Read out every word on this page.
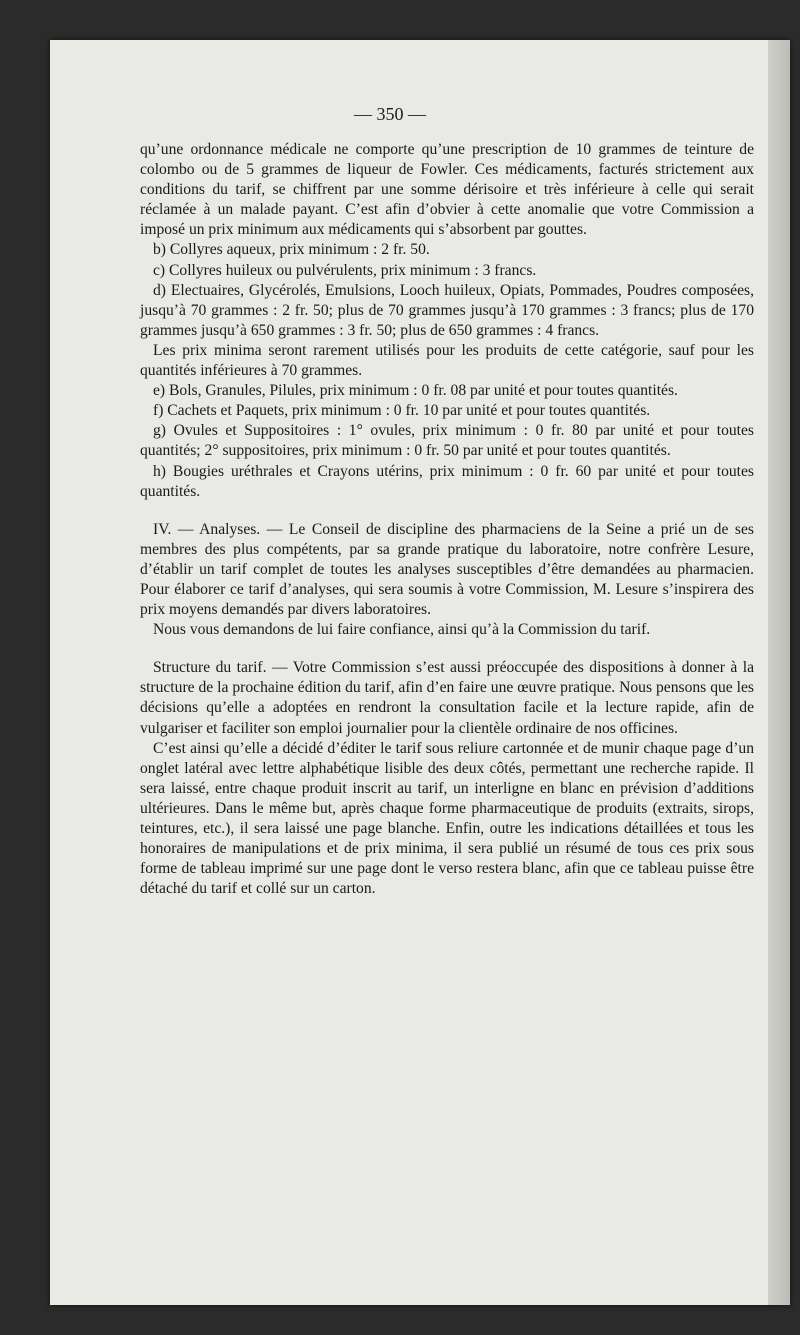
— 350 —

qu’une ordonnance médicale ne comporte qu’une prescription de 10 grammes de teinture de colombo ou de 5 grammes de liqueur de Fowler. Ces médicaments, facturés strictement aux conditions du tarif, se chiffrent par une somme dérisoire et très inférieure à celle qui serait réclamée à un malade payant. C’est afin d’obvier à cette anomalie que votre Commission a imposé un prix minimum aux médicaments qui s’absorbent par gouttes.

b) Collyres aqueux, prix minimum : 2 fr. 50.

c) Collyres huileux ou pulvérulents, prix minimum : 3 francs.

d) Electuaires, Glycérolés, Emulsions, Looch huileux, Opiats, Pommades, Poudres composées, jusqu’à 70 grammes : 2 fr. 50; plus de 70 grammes jusqu’à 170 grammes : 3 francs; plus de 170 grammes jusqu’à 650 grammes : 3 fr. 50; plus de 650 grammes : 4 francs.

Les prix minima seront rarement utilisés pour les produits de cette catégorie, sauf pour les quantités inférieures à 70 grammes.

e) Bols, Granules, Pilules, prix minimum : 0 fr. 08 par unité et pour toutes quantités.

f) Cachets et Paquets, prix minimum : 0 fr. 10 par unité et pour toutes quantités.

g) Ovules et Suppositoires : 1° ovules, prix minimum : 0 fr. 80 par unité et pour toutes quantités; 2° suppositoires, prix minimum : 0 fr. 50 par unité et pour toutes quantités.

h) Bougies uréthrales et Crayons utérins, prix minimum : 0 fr. 60 par unité et pour toutes quantités.

IV. — Analyses. — Le Conseil de discipline des pharmaciens de la Seine a prié un de ses membres des plus compétents, par sa grande pratique du laboratoire, notre confrère Lesure, d’établir un tarif complet de toutes les analyses susceptibles d’être demandées au pharmacien. Pour élaborer ce tarif d’analyses, qui sera soumis à votre Commission, M. Lesure s’inspirera des prix moyens demandés par divers laboratoires.

Nous vous demandons de lui faire confiance, ainsi qu’à la Commission du tarif.

Structure du tarif. — Votre Commission s’est aussi préoccupée des dispositions à donner à la structure de la prochaine édition du tarif, afin d’en faire une œuvre pratique. Nous pensons que les décisions qu’elle a adoptées en rendront la consultation facile et la lecture rapide, afin de vulgariser et faciliter son emploi journalier pour la clientèle ordinaire de nos officines.

C’est ainsi qu’elle a décidé d’éditer le tarif sous reliure cartonnée et de munir chaque page d’un onglet latéral avec lettre alphabétique lisible des deux côtés, permettant une recherche rapide. Il sera laissé, entre chaque produit inscrit au tarif, un interligne en blanc en prévision d’additions ultérieures. Dans le même but, après chaque forme pharmaceutique de produits (extraits, sirops, teintures, etc.), il sera laissé une page blanche. Enfin, outre les indications détaillées et tous les honoraires de manipulations et de prix minima, il sera publié un résumé de tous ces prix sous forme de tableau imprimé sur une page dont le verso restera blanc, afin que ce tableau puisse être détaché du tarif et collé sur un carton.
